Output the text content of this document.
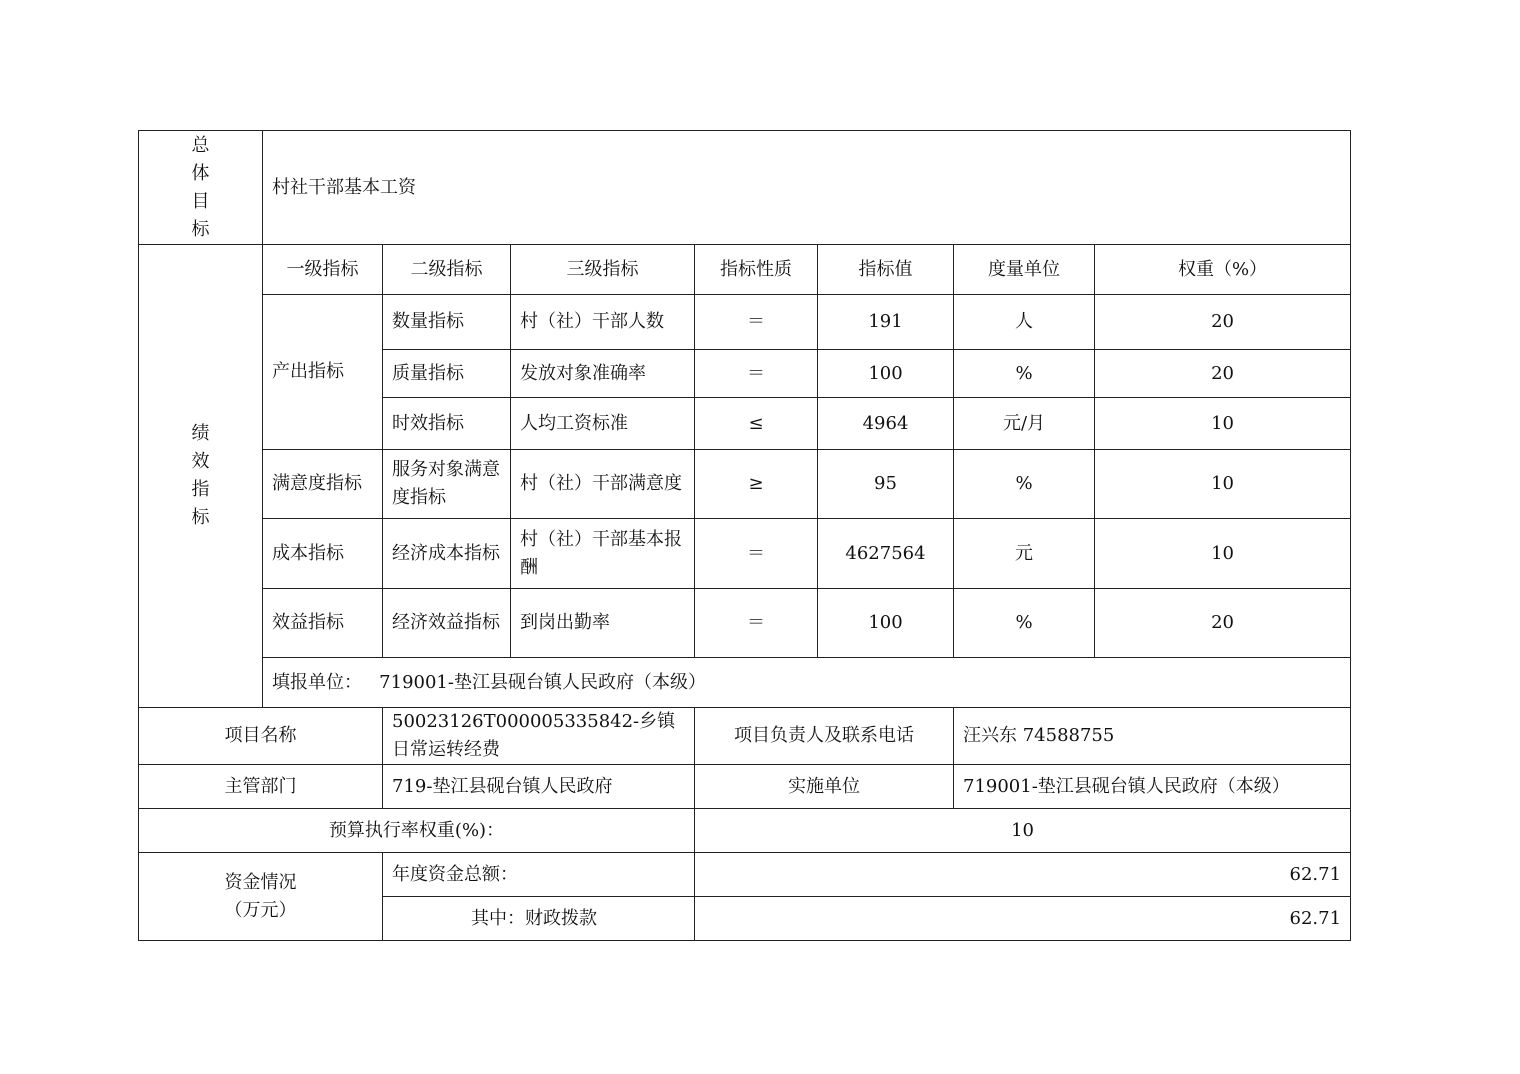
总
体
目
标	村社干部基本工资						

绩
效
指
标	一级指标	二级指标	三级指标	指标性质	指标值	度量单位	权重（%）
	产出指标	数量指标	村（社）干部人数	＝	191	人	20
		质量指标	发放对象准确率	＝	100	%	20
		时效指标	人均工资标准	≤	4964	元/月	10
	满意度指标	服务对象满意度指标	村（社）干部满意度	≥	95	%	10
	成本指标	经济成本指标	村（社）干部基本报酬	＝	4627564	元	10
	效益指标	经济效益指标	到岗出勤率	＝	100	%	20
	填报单位： 719001-垫江县砚台镇人民政府（本级）						
项目名称		50023126T000005335842-乡镇日常运转经费		项目负责人及联系电话		汪兴东 74588755	
主管部门		719-垫江县砚台镇人民政府		实施单位		719001-垫江县砚台镇人民政府（本级）	
预算执行率权重(%)：				10			

资金情况
（万元）		年度资金总额：		62.71			
		其中：财政拨款		62.71			
